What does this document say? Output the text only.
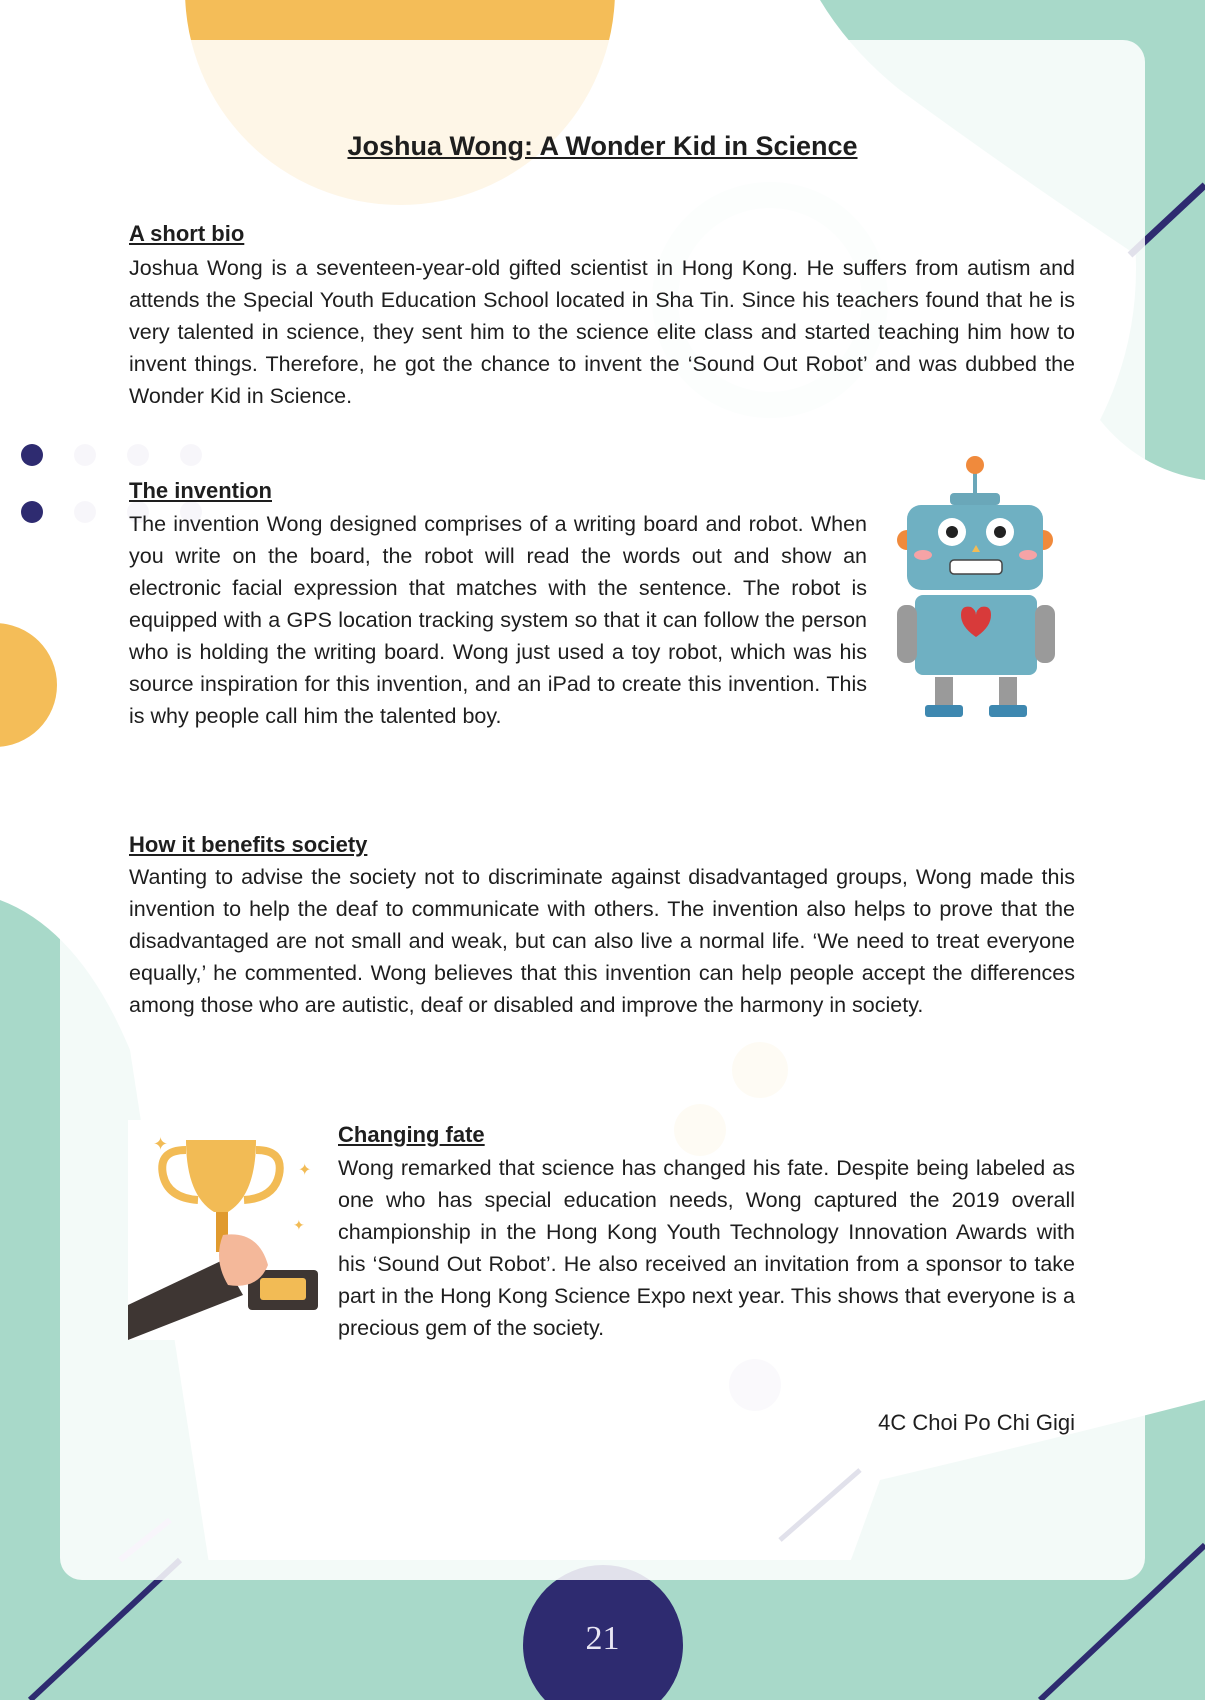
Joshua Wong: A Wonder Kid in Science
A short bio

Joshua Wong is a seventeen-year-old gifted scientist in Hong Kong. He suffers from autism and attends the Special Youth Education School located in Sha Tin. Since his teachers found that he is very talented in science, they sent him to the science elite class and started teaching him how to invent things. Therefore, he got the chance to invent the ‘Sound Out Robot’ and was dubbed the Wonder Kid in Science.

The invention

The invention Wong designed comprises of a writing board and robot. When you write on the board, the robot will read the words out and show an electronic facial expression that matches with the sentence. The robot is equipped with a GPS location tracking system so that it can follow the person who is holding the writing board. Wong just used a toy robot, which was his source inspiration for this invention, and an iPad to create this invention. This is why people call him the talented boy.

How it benefits society

Wanting to advise the society not to discriminate against disadvantaged groups, Wong made this invention to help the deaf to communicate with others. The invention also helps to prove that the disadvantaged are not small and weak, but can also live a normal life. ‘We need to treat everyone equally,’ he commented. Wong believes that this invention can help people accept the differences among those who are autistic, deaf or disabled and improve the harmony in society.

✦
✦
✦
Changing fate

Wong remarked that science has changed his fate. Despite being labeled as one who has special education needs, Wong captured the 2019 overall championship in the Hong Kong Youth Technology Innovation Awards with his ‘Sound Out Robot’. He also received an invitation from a sponsor to take part in the Hong Kong Science Expo next year. This shows that everyone is a precious gem of the society.

4C Choi Po Chi Gigi

21
